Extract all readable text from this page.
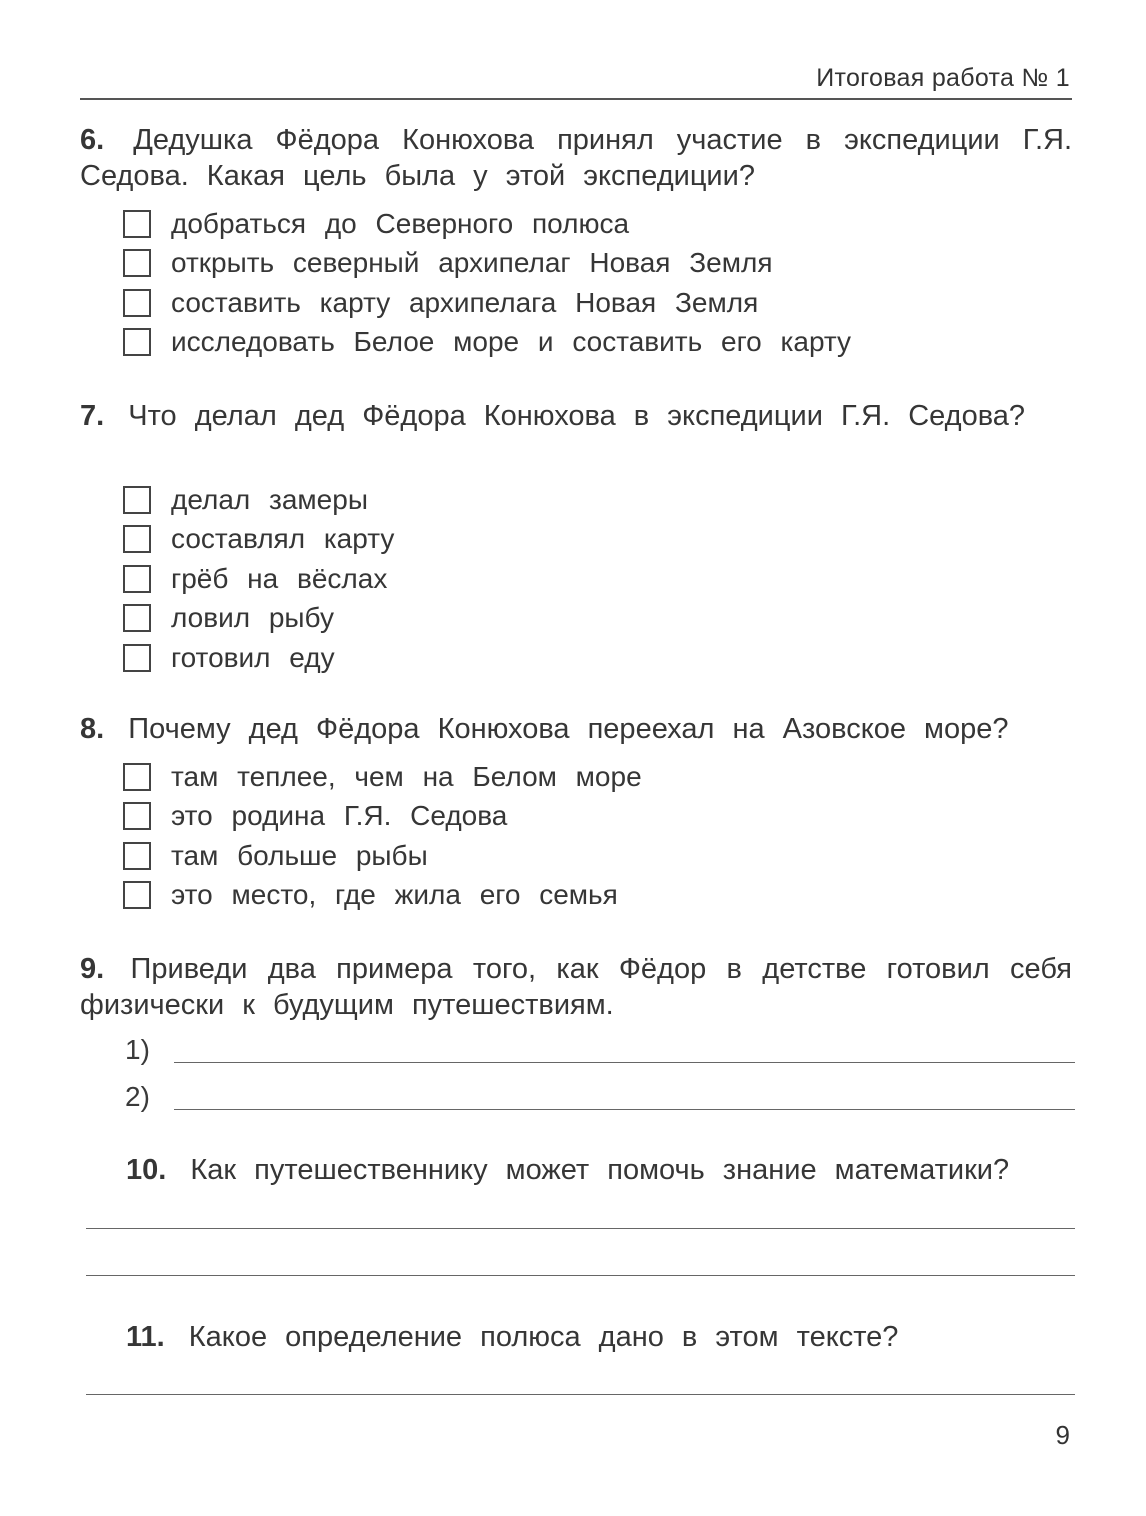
Итоговая работа № 1
6. Дедушка Фёдора Конюхова принял участие в экспедиции Г.Я. Седова. Какая цель была у этой экспедиции?
добраться до Северного полюса
открыть северный архипелаг Новая Земля
составить карту архипелага Новая Земля
исследовать Белое море и составить его карту
7. Что делал дед Фёдора Конюхова в экспедиции Г.Я. Седова?
делал замеры
составлял карту
грёб на вёслах
ловил рыбу
готовил еду
8. Почему дед Фёдора Конюхова переехал на Азовское море?
там теплее, чем на Белом море
это родина Г.Я. Седова
там больше рыбы
это место, где жила его семья
9. Приведи два примера того, как Фёдор в детстве готовил себя физически к будущим путешествиям.
1)
2)
10. Как путешественнику может помочь знание математики?
11. Какое определение полюса дано в этом тексте?
9
